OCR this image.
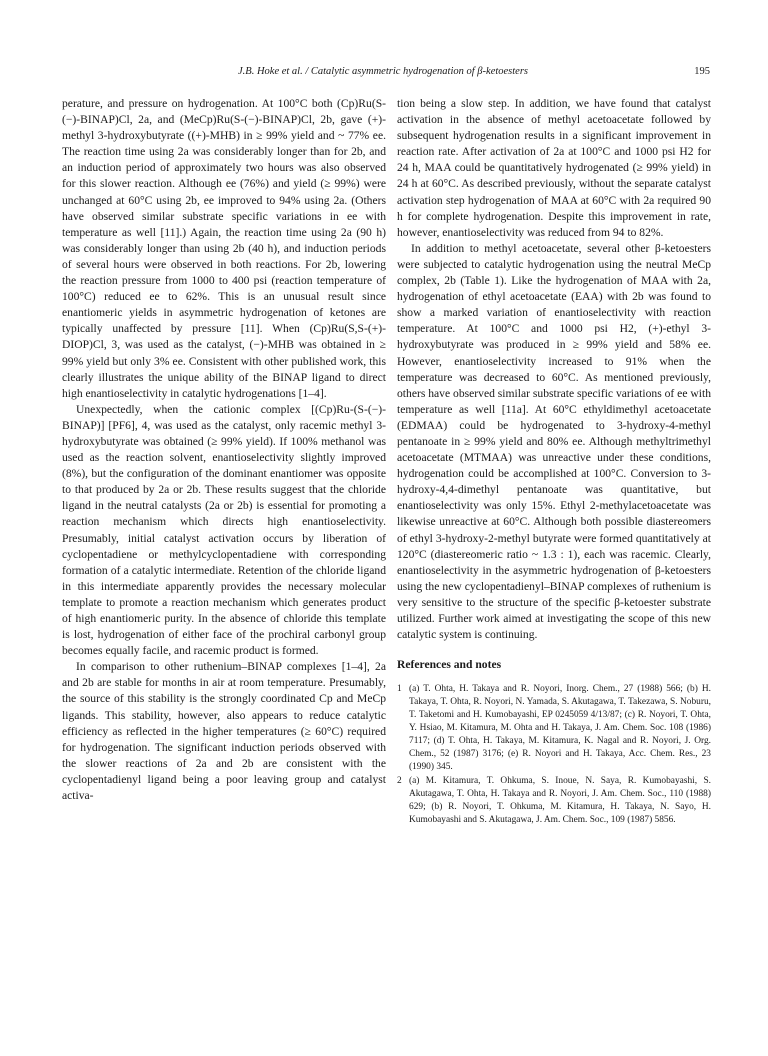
J.B. Hoke et al. / Catalytic asymmetric hydrogenation of β-ketoesters	195

perature, and pressure on hydrogenation. At 100°C both (Cp)Ru(S-(−)-BINAP)Cl, 2a, and (MeCp)Ru(S-(−)-BINAP)Cl, 2b, gave (+)-methyl 3-hydroxybutyrate ((+)-MHB) in ≥ 99% yield and ~ 77% ee. The reaction time using 2a was considerably longer than for 2b, and an induction period of approximately two hours was also observed for this slower reaction. Although ee (76%) and yield (≥ 99%) were unchanged at 60°C using 2b, ee improved to 94% using 2a. (Others have observed similar substrate specific variations in ee with temperature as well [11].) Again, the reaction time using 2a (90 h) was considerably longer than using 2b (40 h), and induction periods of several hours were observed in both reactions. For 2b, lowering the reaction pressure from 1000 to 400 psi (reaction temperature of 100°C) reduced ee to 62%. This is an unusual result since enantiomeric yields in asymmetric hydrogenation of ketones are typically unaffected by pressure [11]. When (Cp)Ru(S,S-(+)-DIOP)Cl, 3, was used as the catalyst, (−)-MHB was obtained in ≥ 99% yield but only 3% ee. Consistent with other published work, this clearly illustrates the unique ability of the BINAP ligand to direct high enantioselectivity in catalytic hydrogenations [1–4].

Unexpectedly, when the cationic complex [(Cp)Ru-(S-(−)-BINAP)] [PF6], 4, was used as the catalyst, only racemic methyl 3-hydroxybutyrate was obtained (≥ 99% yield). If 100% methanol was used as the reaction solvent, enantioselectivity slightly improved (8%), but the configuration of the dominant enantiomer was opposite to that produced by 2a or 2b. These results suggest that the chloride ligand in the neutral catalysts (2a or 2b) is essential for promoting a reaction mechanism which directs high enantioselectivity. Presumably, initial catalyst activation occurs by liberation of cyclopentadiene or methylcyclopentadiene with corresponding formation of a catalytic intermediate. Retention of the chloride ligand in this intermediate apparently provides the necessary molecular template to promote a reaction mechanism which generates product of high enantiomeric purity. In the absence of chloride this template is lost, hydrogenation of either face of the prochiral carbonyl group becomes equally facile, and racemic product is formed.

In comparison to other ruthenium–BINAP complexes [1–4], 2a and 2b are stable for months in air at room temperature. Presumably, the source of this stability is the strongly coordinated Cp and MeCp ligands. This stability, however, also appears to reduce catalytic efficiency as reflected in the higher temperatures (≥ 60°C) required for hydrogenation. The significant induction periods observed with the slower reactions of 2a and 2b are consistent with the cyclopentadienyl ligand being a poor leaving group and catalyst activa-

tion being a slow step. In addition, we have found that catalyst activation in the absence of methyl acetoacetate followed by subsequent hydrogenation results in a significant improvement in reaction rate. After activation of 2a at 100°C and 1000 psi H2 for 24 h, MAA could be quantitatively hydrogenated (≥ 99% yield) in 24 h at 60°C. As described previously, without the separate catalyst activation step hydrogenation of MAA at 60°C with 2a required 90 h for complete hydrogenation. Despite this improvement in rate, however, enantioselectivity was reduced from 94 to 82%.

In addition to methyl acetoacetate, several other β-ketoesters were subjected to catalytic hydrogenation using the neutral MeCp complex, 2b (Table 1). Like the hydrogenation of MAA with 2a, hydrogenation of ethyl acetoacetate (EAA) with 2b was found to show a marked variation of enantioselectivity with reaction temperature. At 100°C and 1000 psi H2, (+)-ethyl 3-hydroxybutyrate was produced in ≥ 99% yield and 58% ee. However, enantioselectivity increased to 91% when the temperature was decreased to 60°C. As mentioned previously, others have observed similar substrate specific variations of ee with temperature as well [11a]. At 60°C ethyldimethyl acetoacetate (EDMAA) could be hydrogenated to 3-hydroxy-4-methyl pentanoate in ≥ 99% yield and 80% ee. Although methyltrimethyl acetoacetate (MTMAA) was unreactive under these conditions, hydrogenation could be accomplished at 100°C. Conversion to 3-hydroxy-4,4-dimethyl pentanoate was quantitative, but enantioselectivity was only 15%. Ethyl 2-methylacetoacetate was likewise unreactive at 60°C. Although both possible diastereomers of ethyl 3-hydroxy-2-methyl butyrate were formed quantitatively at 120°C (diastereomeric ratio ~ 1.3 : 1), each was racemic. Clearly, enantioselectivity in the asymmetric hydrogenation of β-ketoesters using the new cyclopentadienyl–BINAP complexes of ruthenium is very sensitive to the structure of the specific β-ketoester substrate utilized. Further work aimed at investigating the scope of this new catalytic system is continuing.

References and notes
1 (a) T. Ohta, H. Takaya and R. Noyori, Inorg. Chem., 27 (1988) 566; (b) H. Takaya, T. Ohta, R. Noyori, N. Yamada, S. Akutagawa, T. Takezawa, S. Noburu, T. Taketomi and H. Kumobayashi, EP 0245059 4/13/87; (c) R. Noyori, T. Ohta, Y. Hsiao, M. Kitamura, M. Ohta and H. Takaya, J. Am. Chem. Soc. 108 (1986) 7117; (d) T. Ohta, H. Takaya, M. Kitamura, K. Nagal and R. Noyori, J. Org. Chem., 52 (1987) 3176; (e) R. Noyori and H. Takaya, Acc. Chem. Res., 23 (1990) 345.
2 (a) M. Kitamura, T. Ohkuma, S. Inoue, N. Saya, R. Kumobayashi, S. Akutagawa, T. Ohta, H. Takaya and R. Noyori, J. Am. Chem. Soc., 110 (1988) 629; (b) R. Noyori, T. Ohkuma, M. Kitamura, H. Takaya, N. Sayo, H. Kumobayashi and S. Akutagawa, J. Am. Chem. Soc., 109 (1987) 5856.
